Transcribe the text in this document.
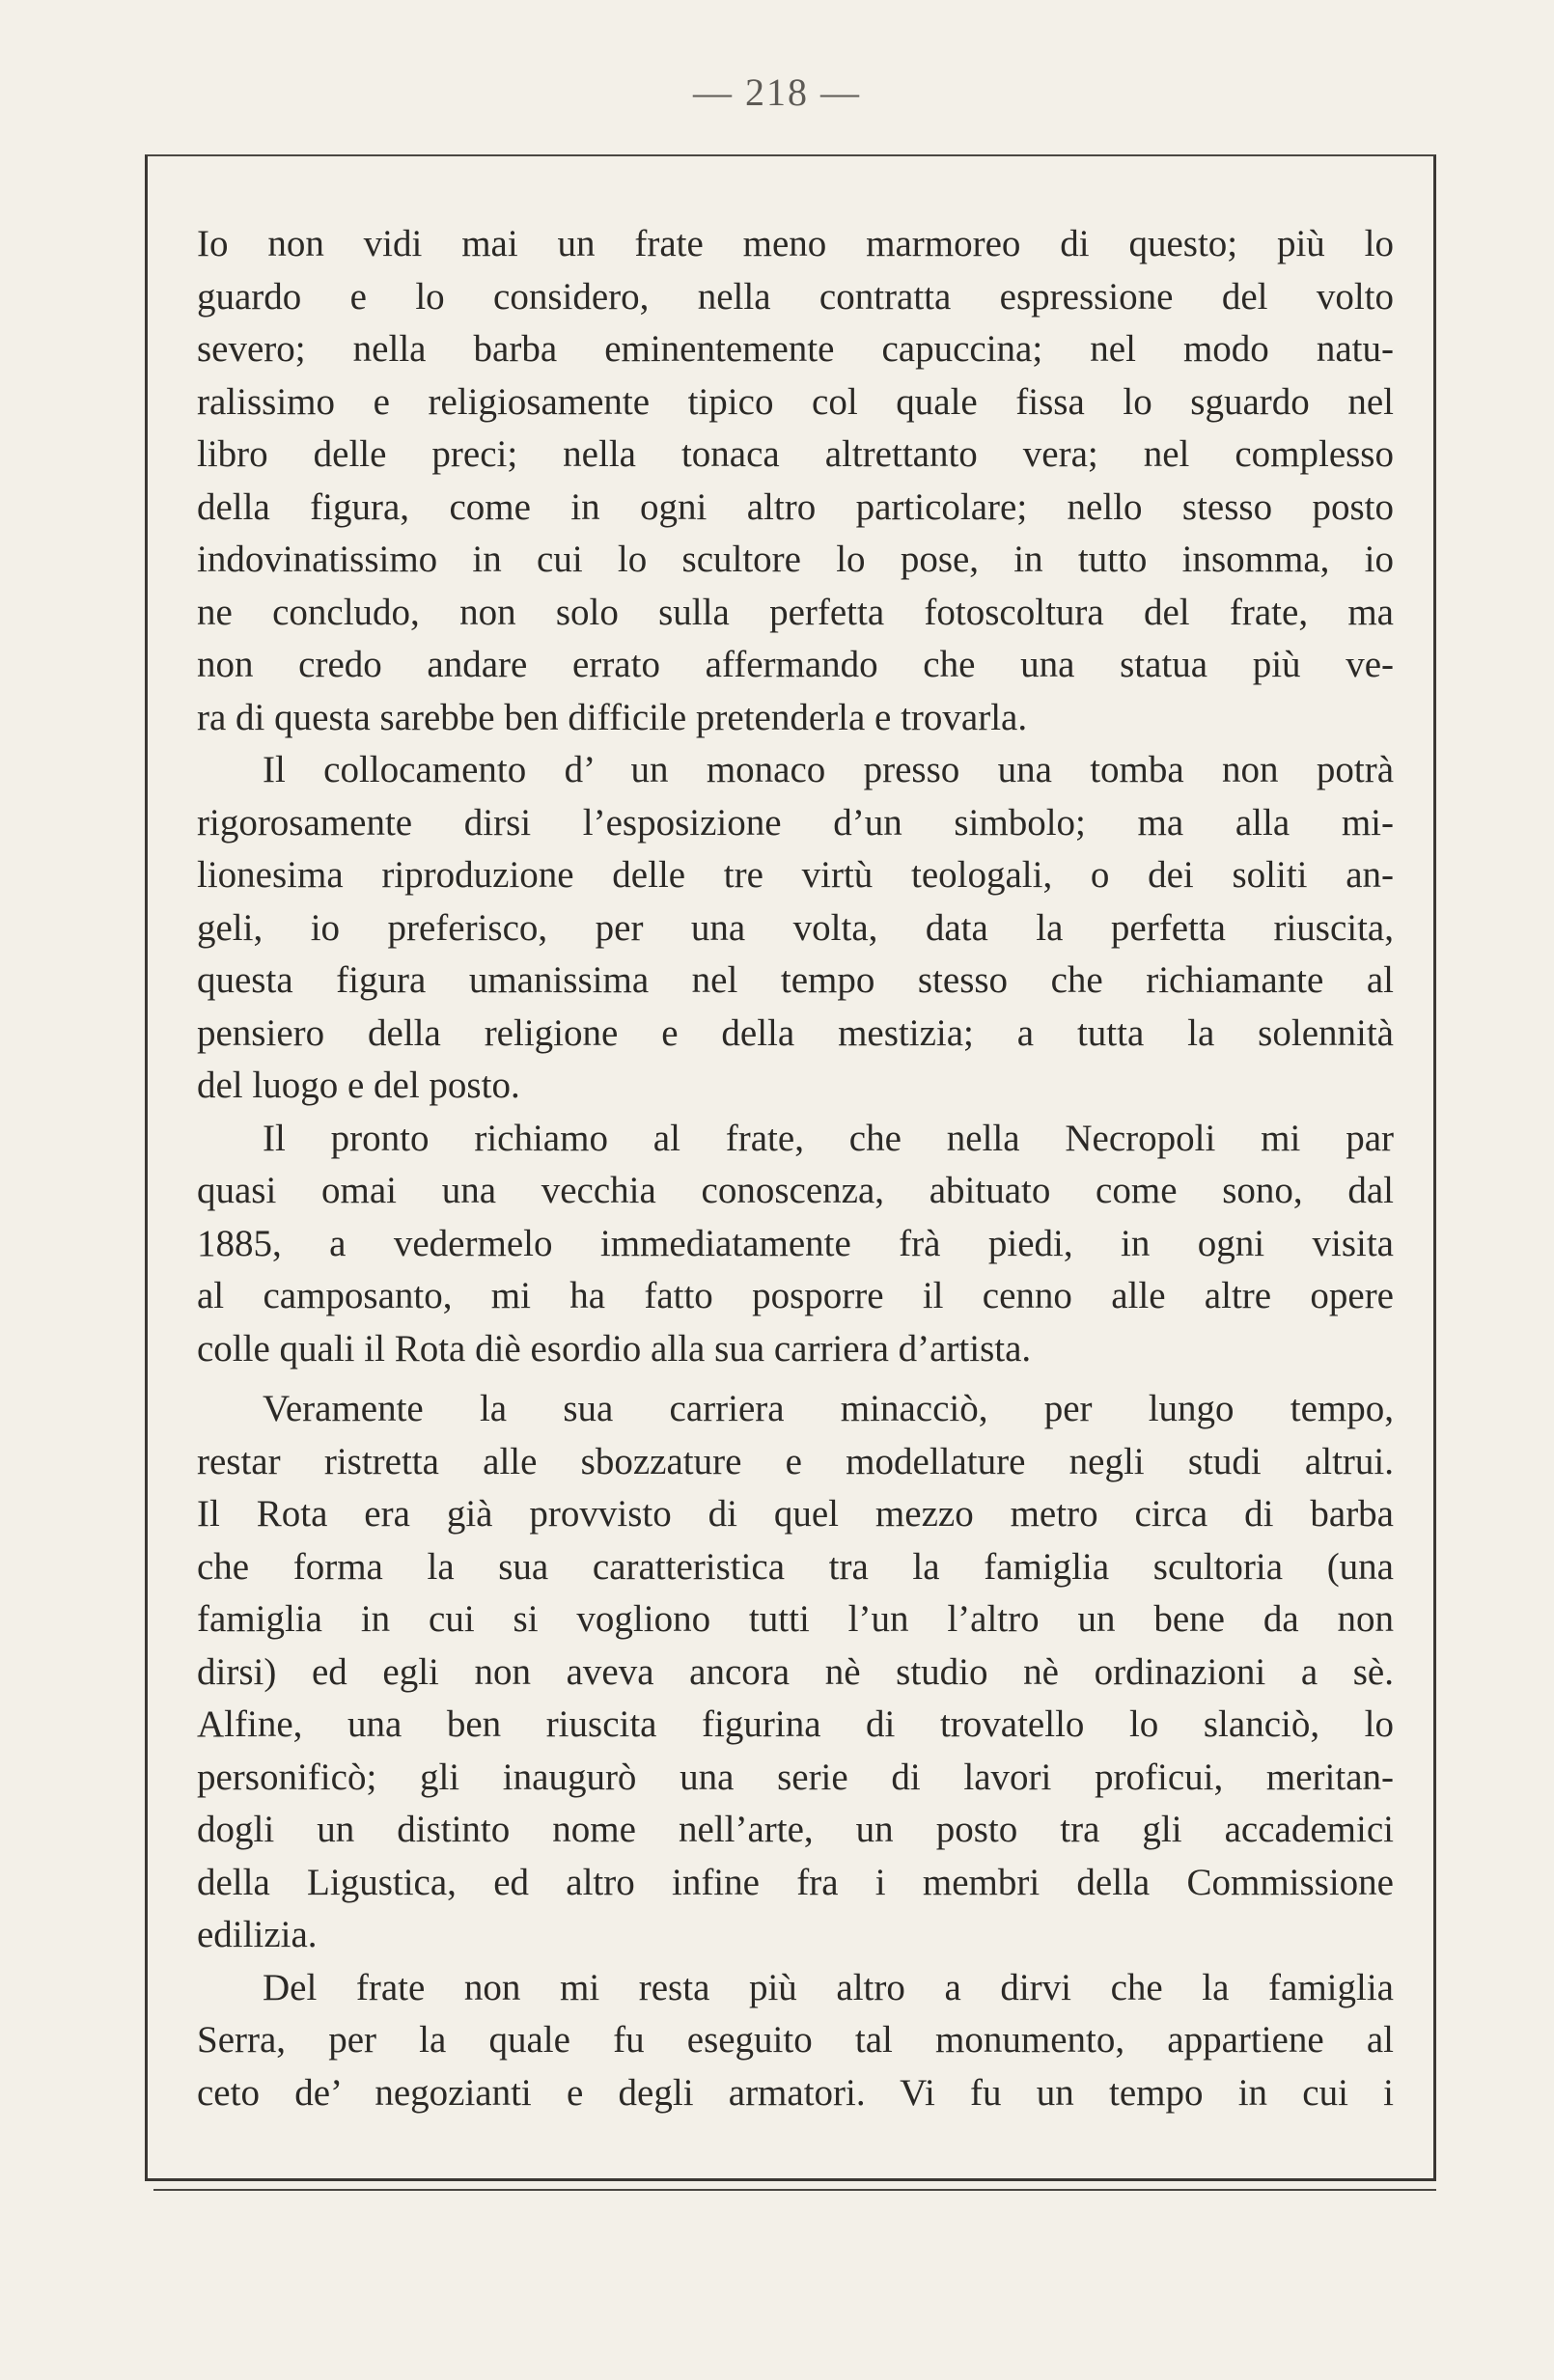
— 218 —
Io non vidi mai un frate meno marmoreo di questo; più lo
guardo e lo considero, nella contratta espressione del volto
severo; nella barba eminentemente capuccina; nel modo natu-
ralissimo e religiosamente tipico col quale fissa lo sguardo nel
libro delle preci; nella tonaca altrettanto vera; nel complesso
della figura, come in ogni altro particolare; nello stesso posto
indovinatissimo in cui lo scultore lo pose, in tutto insomma, io
ne concludo, non solo sulla perfetta fotoscoltura del frate, ma
non credo andare errato affermando che una statua più ve-
ra di questa sarebbe ben difficile pretenderla e trovarla.
Il collocamento d’ un monaco presso una tomba non potrà
rigorosamente dirsi l’esposizione d’un simbolo; ma alla mi-
lionesima riproduzione delle tre virtù teologali, o dei soliti an-
geli, io preferisco, per una volta, data la perfetta riuscita,
questa figura umanissima nel tempo stesso che richiamante al
pensiero della religione e della mestizia; a tutta la solennità
del luogo e del posto.
Il pronto richiamo al frate, che nella Necropoli mi par
quasi omai una vecchia conoscenza, abituato come sono, dal
1885, a vedermelo immediatamente frà piedi, in ogni visita
al camposanto, mi ha fatto posporre il cenno alle altre opere
colle quali il Rota diè esordio alla sua carriera d’artista.
Veramente la sua carriera minacciò, per lungo tempo,
restar ristretta alle sbozzature e modellature negli studi altrui.
Il Rota era già provvisto di quel mezzo metro circa di barba
che forma la sua caratteristica tra la famiglia scultoria (una
famiglia in cui si vogliono tutti l’un l’altro un bene da non
dirsi) ed egli non aveva ancora nè studio nè ordinazioni a sè.
Alfine, una ben riuscita figurina di trovatello lo slanciò, lo
personificò; gli inaugurò una serie di lavori proficui, meritan-
dogli un distinto nome nell’arte, un posto tra gli accademici
della Ligustica, ed altro infine fra i membri della Commissione
edilizia.
Del frate non mi resta più altro a dirvi che la famiglia
Serra, per la quale fu eseguito tal monumento, appartiene al
ceto de’ negozianti e degli armatori. Vi fu un tempo in cui i
